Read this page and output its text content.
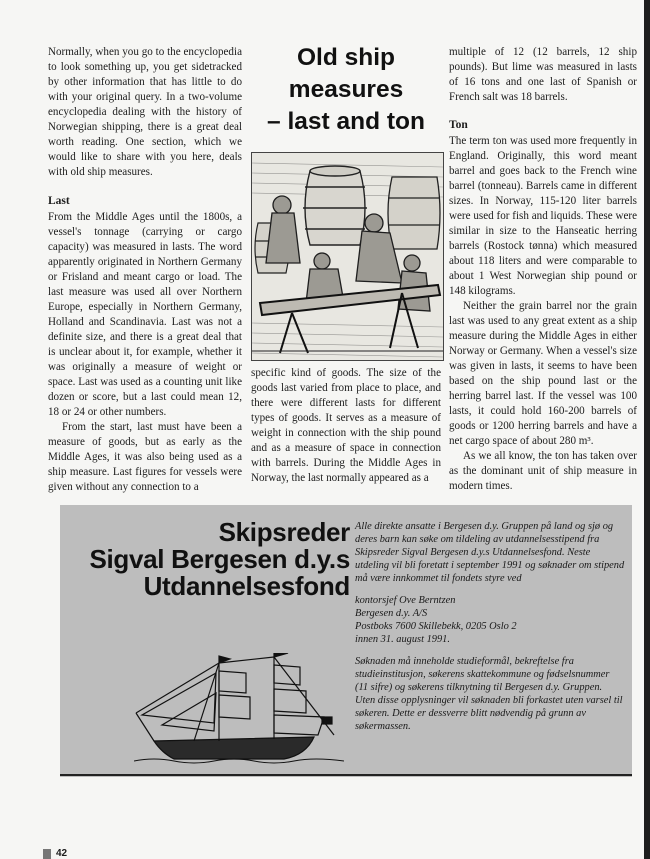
Normally, when you go to the encyclopedia to look something up, you get sidetracked by other information that has little to do with your original query. In a two-volume encyclopedia dealing with the history of Norwegian shipping, there is a great deal worth reading. One section, which we would like to share with you here, deals with old ship measures.

Last

From the Middle Ages until the 1800s, a vessel's tonnage (carrying or cargo capacity) was measured in lasts. The word apparently originated in Northern Germany or Frisland and meant cargo or load. The last measure was used all over Northern Europe, especially in Northern Germany, Holland and Scandinavia. Last was not a definite size, and there is a great deal that is unclear about it, for example, whether it was originally a measure of weight or space. Last was used as a counting unit like dozen or score, but a last could mean 12, 18 or 24 or other numbers.

From the start, last must have been a measure of goods, but as early as the Middle Ages, it was also being used as a ship measure. Last figures for vessels were given without any connection to a

Old ship
measures
– last and ton

specific kind of goods. The size of the goods last varied from place to place, and there were different lasts for different types of goods. It serves as a measure of weight in connection with the ship pound and as a measure of space in connection with barrels. During the Middle Ages in Norway, the last normally appeared as a

multiple of 12 (12 barrels, 12 ship pounds). But lime was measured in lasts of 16 tons and one last of Spanish or French salt was 18 barrels.

Ton

The term ton was used more frequently in England. Originally, this word meant barrel and goes back to the French wine barrel (tonneau). Barrels came in different sizes. In Norway, 115-120 liter barrels were used for fish and liquids. These were similar in size to the Hanseatic herring barrels (Rostock tønna) which measured about 118 liters and were comparable to about 1 West Norwegian ship pound or 148 kilograms.

Neither the grain barrel nor the grain last was used to any great extent as a ship measure during the Middle Ages in either Norway or Germany. When a vessel's size was given in lasts, it seems to have been based on the ship pound last or the herring barrel last. If the vessel was 100 lasts, it could hold 160-200 barrels of goods or 1200 herring barrels and have a net cargo space of about 280 m³.

As we all know, the ton has taken over as the dominant unit of ship measure in modern times.

Skipsreder
Sigval Bergesen d.y.s
Utdannelsesfond

Alle direkte ansatte i Bergesen d.y. Gruppen på land og sjø og deres barn kan søke om tildeling av utdannelsesstipend fra Skipsreder Sigval Bergesen d.y.s Utdannelsesfond. Neste utdeling vil bli foretatt i september 1991 og søknader om stipend må være innkommet til fondets styre ved

kontorsjef Ove Berntzen
Bergesen d.y. A/S
Postboks 7600 Skillebekk, 0205 Oslo 2
innen 31. august 1991.

Søknaden må inneholde studieformål, bekreftelse fra studieinstitusjon, søkerens skattekommune og fødselsnummer (11 sifre) og søkerens tilknytning til Bergesen d.y. Gruppen.

Uten disse opplysninger vil søknaden bli forkastet uten varsel til søkeren. Dette er dessverre blitt nødvendig på grunn av søkermassen.

42
